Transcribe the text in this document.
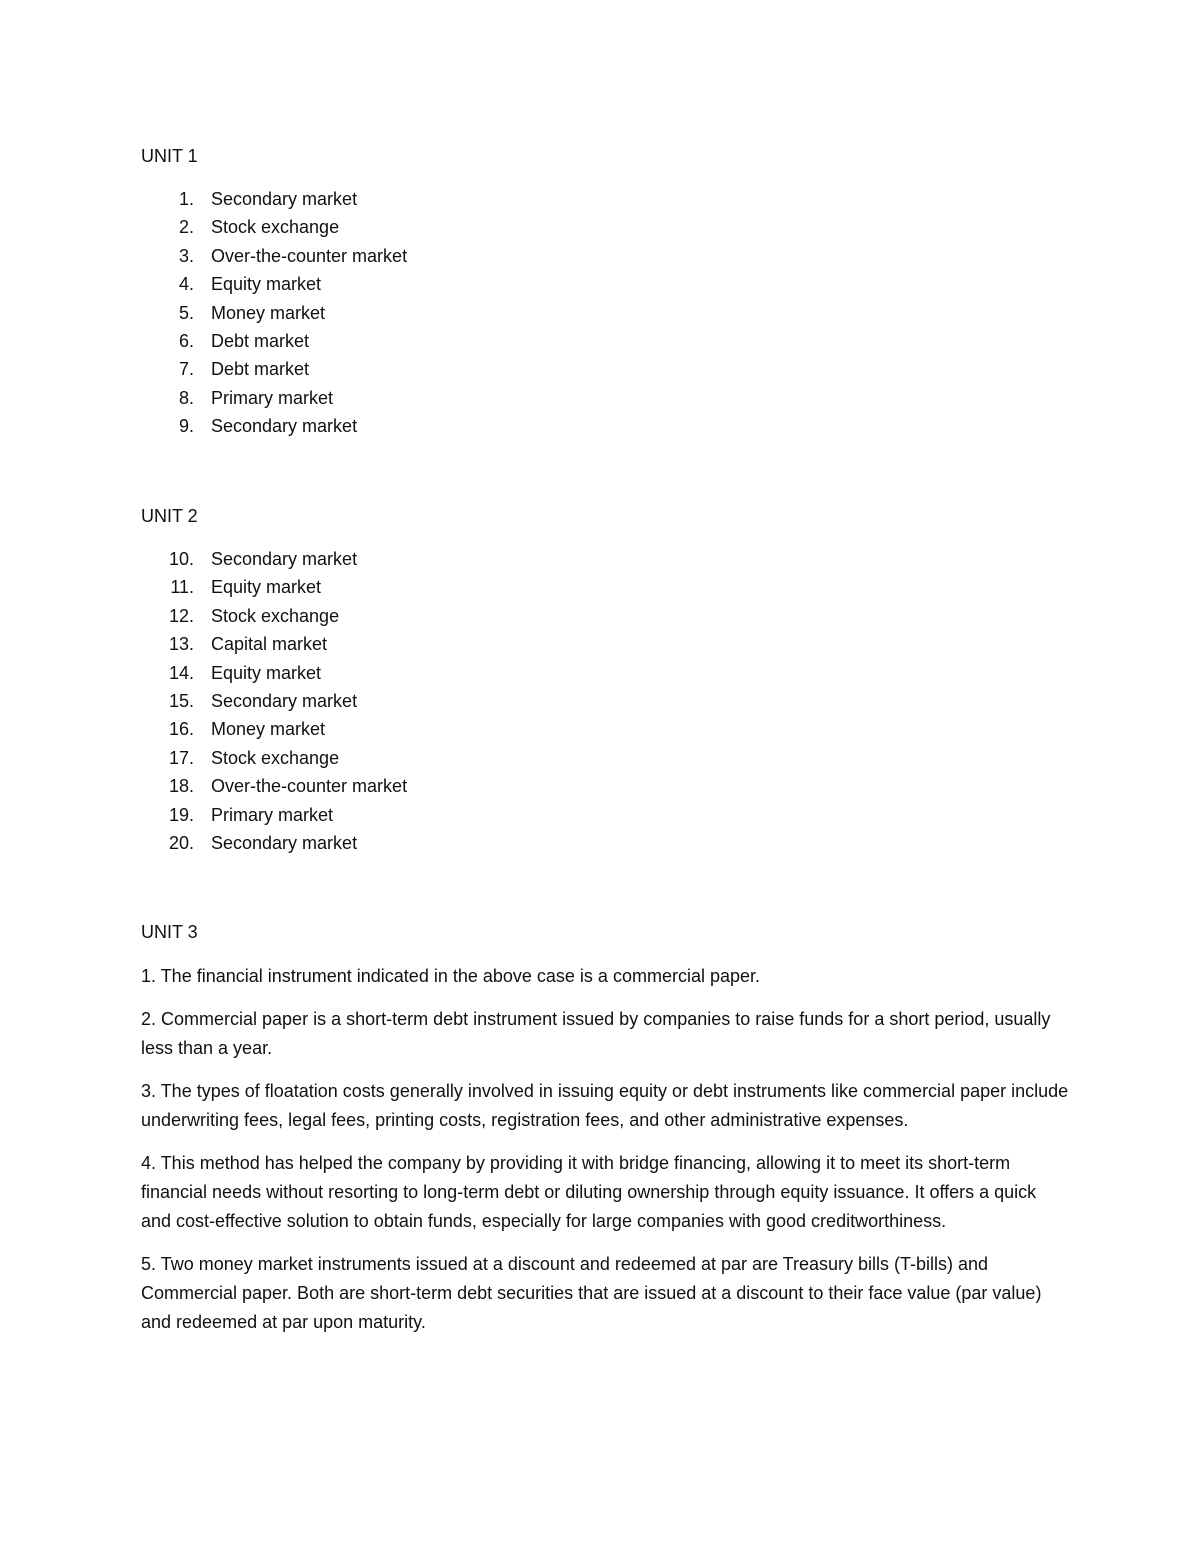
UNIT 1
1. Secondary market
2. Stock exchange
3. Over-the-counter market
4. Equity market
5. Money market
6. Debt market
7. Debt market
8. Primary market
9. Secondary market
UNIT 2
10. Secondary market
11. Equity market
12. Stock exchange
13. Capital market
14. Equity market
15. Secondary market
16. Money market
17. Stock exchange
18. Over-the-counter market
19. Primary market
20. Secondary market
UNIT 3

1. The financial instrument indicated in the above case is a commercial paper.

2. Commercial paper is a short-term debt instrument issued by companies to raise funds for a short period, usually less than a year.

3. The types of floatation costs generally involved in issuing equity or debt instruments like commercial paper include underwriting fees, legal fees, printing costs, registration fees, and other administrative expenses.

4. This method has helped the company by providing it with bridge financing, allowing it to meet its short-term financial needs without resorting to long-term debt or diluting ownership through equity issuance. It offers a quick and cost-effective solution to obtain funds, especially for large companies with good creditworthiness.

5. Two money market instruments issued at a discount and redeemed at par are Treasury bills (T-bills) and Commercial paper. Both are short-term debt securities that are issued at a discount to their face value (par value) and redeemed at par upon maturity.
